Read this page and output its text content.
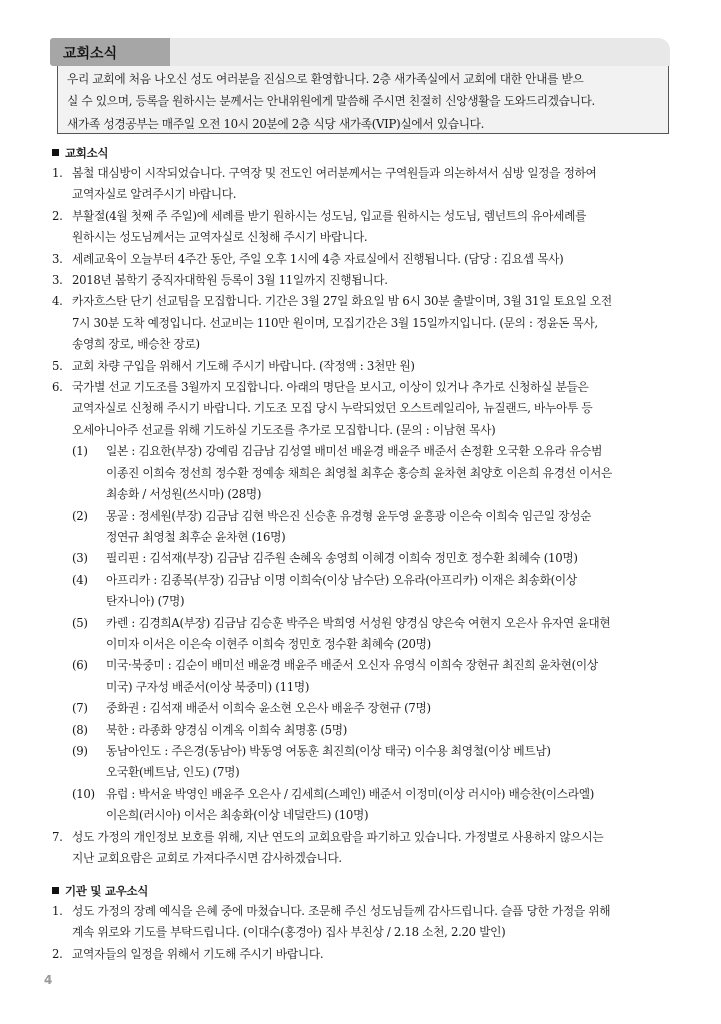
교회소식

우리 교회에 처음 나오신 성도 여러분을 진심으로 환영합니다. 2층 새가족실에서 교회에 대한 안내를 받으

실 수 있으며, 등록을 원하시는 분께서는 안내위원에게 말씀해 주시면 친절히 신앙생활을 도와드리겠습니다.

새가족 성경공부는 매주일 오전 10시 20분에 2층 식당 새가족(VIP)실에서 있습니다.

교회소식
1. 봄철 대심방이 시작되었습니다. 구역장 및 전도인 여러분께서는 구역원들과 의논하셔서 심방 일정을 정하여
교역자실로 알려주시기 바랍니다.
2. 부활절(4월 첫째 주 주일)에 세례를 받기 원하시는 성도님, 입교를 원하시는 성도님, 렘넌트의 유아세례를
원하시는 성도님께서는 교역자실로 신청해 주시기 바랍니다.
3. 세례교육이 오늘부터 4주간 동안, 주일 오후 1시에 4층 자료실에서 진행됩니다. (담당 : 김요셉 목사)
3. 2018년 봄학기 중직자대학원 등록이 3월 11일까지 진행됩니다.
4. 카자흐스탄 단기 선교팀을 모집합니다. 기간은 3월 27일 화요일 밤 6시 30분 출발이며, 3월 31일 토요일 오전
7시 30분 도착 예정입니다. 선교비는 110만 원이며, 모집기간은 3월 15일까지입니다. (문의 : 정윤돈 목사,
송영희 장로, 배승찬 장로)
5. 교회 차량 구입을 위해서 기도해 주시기 바랍니다. (작정액 : 3천만 원)
6. 국가별 선교 기도조를 3월까지 모집합니다. 아래의 명단을 보시고, 이상이 있거나 추가로 신청하실 분들은
교역자실로 신청해 주시기 바랍니다. 기도조 모집 당시 누락되었던 오스트레일리아, 뉴질랜드, 바누아투 등
오세아니아주 선교를 위해 기도하실 기도조를 추가로 모집합니다. (문의 : 이남현 목사)
(1) 일본 : 김요한(부장) 강예림 김금남 김성열 배미선 배윤경 배윤주 배준서 손정환 오국환 오유라 유승범
이종진 이희숙 정선희 정수환 정예송 채희은 최영철 최후순 홍승희 윤차현 최양호 이은희 유경선 이서은
최송화 / 서성원(쓰시마) (28명)
(2) 몽골 : 정세원(부장) 김금남 김현 박은진 신승훈 유경형 윤두영 윤흥광 이은숙 이희숙 임근일 장성순
정연규 최영철 최후순 윤차현 (16명)
(3) 필리핀 : 김석재(부장) 김금남 김주원 손혜옥 송영희 이혜경 이희숙 정민호 정수환 최혜숙 (10명)
(4) 아프리카 : 김종복(부장) 김금남 이명 이희숙(이상 남수단) 오유라(아프리카) 이재은 최송화(이상
탄자니아) (7명)
(5) 카렌 : 김경희A(부장) 김금남 김승훈 박주은 박희영 서성원 양경심 양은숙 여현지 오은사 유자연 윤대현
이미자 이서은 이은숙 이현주 이희숙 정민호 정수환 최혜숙 (20명)
(6) 미국·북중미 : 김순이 배미선 배윤경 배윤주 배준서 오신자 유영식 이희숙 장현규 최진희 윤차현(이상
미국) 구자성 배준서(이상 북중미) (11명)
(7) 중화권 : 김석재 배준서 이희숙 윤소현 오은사 배윤주 장현규 (7명)
(8) 북한 : 라종화 양경심 이계옥 이희숙 최명홍 (5명)
(9) 동남아인도 : 주은경(동남아) 박동영 여동훈 최진희(이상 태국) 이수용 최영철(이상 베트남)
오국환(베트남, 인도) (7명)
(10) 유럽 : 박서윤 박영인 배윤주 오은사 / 김세희(스페인) 배준서 이정미(이상 러시아) 배승찬(이스라엘)
이은희(러시아) 이서은 최송화(이상 네덜란드) (10명)
7. 성도 가정의 개인정보 보호를 위해, 지난 연도의 교회요람을 파기하고 있습니다. 가정별로 사용하지 않으시는
지난 교회요람은 교회로 가져다주시면 감사하겠습니다.
기관 및 교우소식
1. 성도 가정의 장례 예식을 은혜 중에 마쳤습니다. 조문해 주신 성도님들께 감사드립니다. 슬픔 당한 가정을 위해
계속 위로와 기도를 부탁드립니다. (이대수(홍경아) 집사 부친상 / 2.18 소천, 2.20 발인)
2. 교역자들의 일정을 위해서 기도해 주시기 바랍니다.
4
